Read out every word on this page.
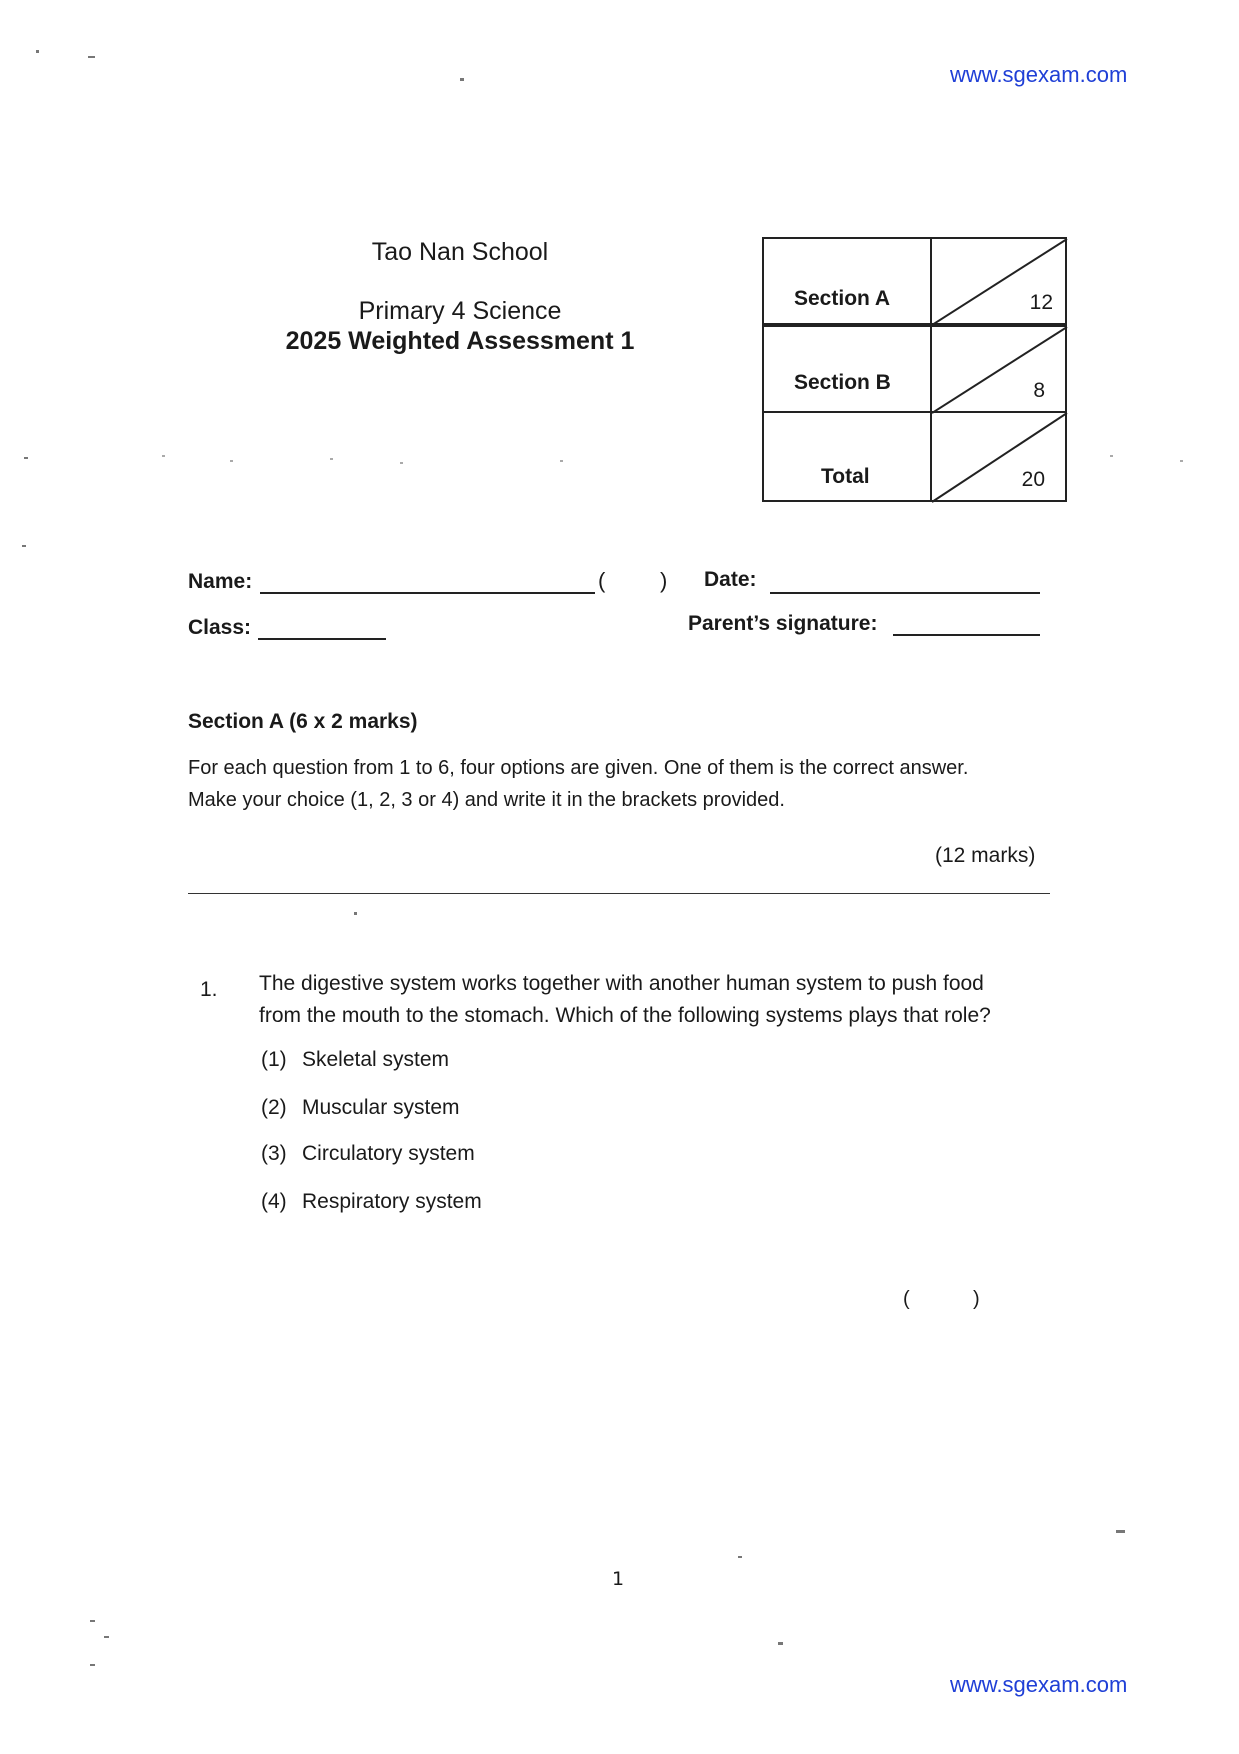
www.sgexam.com
www.sgexam.com
Tao Nan School
Primary 4 Science
2025 Weighted Assessment 1
Section A	12
Section B	8
Total	20
Name:	( ) Date:
Class:	Parent’s signature:
Section A (6 x 2 marks)
For each question from 1 to 6, four options are given. One of them is the correct answer.
Make your choice (1, 2, 3 or 4) and write it in the brackets provided.
(12 marks)
1. The digestive system works together with another human system to push food
from the mouth to the stomach. Which of the following systems plays that role?
(1) Skeletal system
(2) Muscular system
(3) Circulatory system
(4) Respiratory system
(	)
1
